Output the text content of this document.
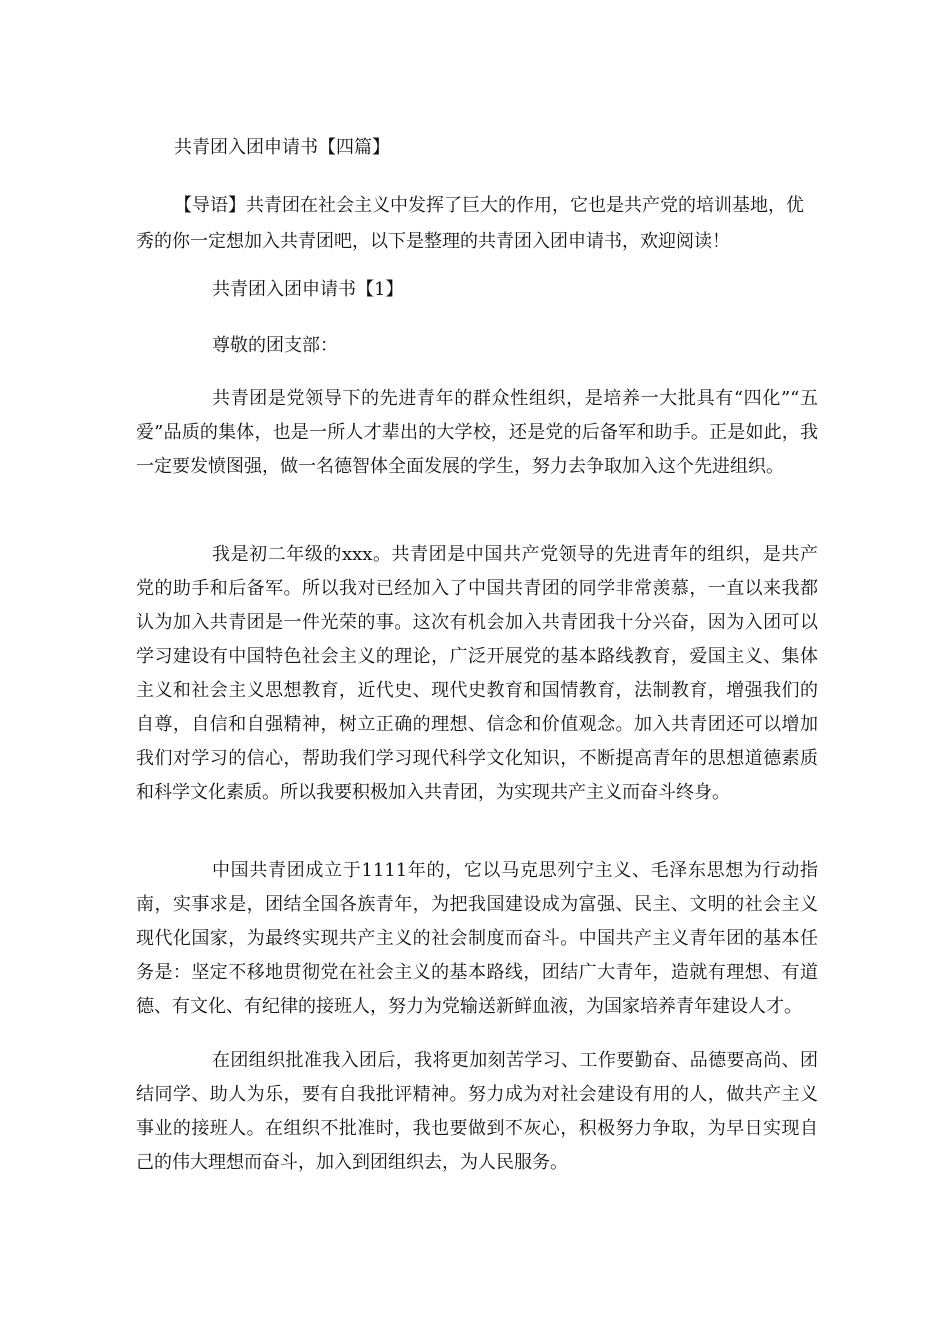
共青团入团申请书【四篇】
【导语】共青团在社会主义中发挥了巨大的作用，它也是共产党的培训基地，优秀的你一定想加入共青团吧，以下是整理的共青团入团申请书，欢迎阅读！
共青团入团申请书【1】
尊敬的团支部：

共青团是党领导下的先进青年的群众性组织，是培养一大批具有“四化”“五爱”品质的集体，也是一所人才辈出的大学校，还是党的后备军和助手。正是如此，我一定要发愤图强，做一名德智体全面发展的学生，努力去争取加入这个先进组织。

我是初二年级的xxx。共青团是中国共产党领导的先进青年的组织，是共产党的助手和后备军。所以我对已经加入了中国共青团的同学非常羡慕，一直以来我都认为加入共青团是一件光荣的事。这次有机会加入共青团我十分兴奋，因为入团可以学习建设有中国特色社会主义的理论，广泛开展党的基本路线教育，爱国主义、集体主义和社会主义思想教育，近代史、现代史教育和国情教育，法制教育，增强我们的自尊，自信和自强精神，树立正确的理想、信念和价值观念。加入共青团还可以增加我们对学习的信心，帮助我们学习现代科学文化知识，不断提高青年的思想道德素质和科学文化素质。所以我要积极加入共青团，为实现共产主义而奋斗终身。

中国共青团成立于1111年的，它以马克思列宁主义、毛泽东思想为行动指南，实事求是，团结全国各族青年，为把我国建设成为富强、民主、文明的社会主义现代化国家，为最终实现共产主义的社会制度而奋斗。中国共产主义青年团的基本任务是：坚定不移地贯彻党在社会主义的基本路线，团结广大青年，造就有理想、有道德、有文化、有纪律的接班人，努力为党输送新鲜血液，为国家培养青年建设人才。

在团组织批准我入团后，我将更加刻苦学习、工作要勤奋、品德要高尚、团结同学、助人为乐，要有自我批评精神。努力成为对社会建设有用的人，做共产主义事业的接班人。在组织不批准时，我也要做到不灰心，积极努力争取，为早日实现自己的伟大理想而奋斗，加入到团组织去，为人民服务。
